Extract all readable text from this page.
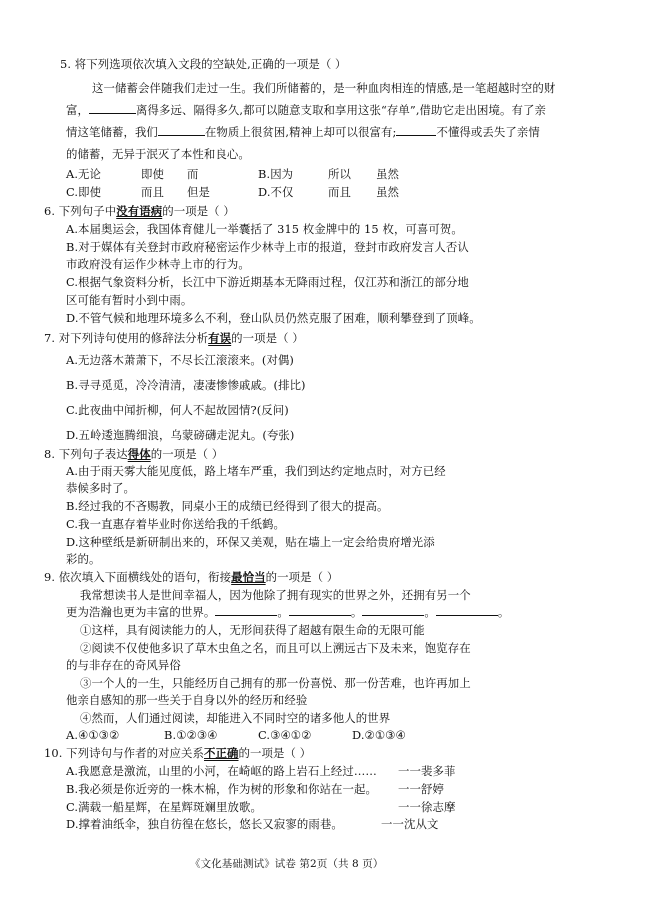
5. 将下列选项依次填入文段的空缺处,正确的一项是（ ）
这一储蓄会伴随我们走过一生。我们所储蓄的，是一种血肉相连的情感,是一笔超越时空的财
富，	离得多远、隔得多久,都可以随意支取和享用这张“存单”,借助它走出困境。有了亲
情这笔储蓄，我们	在物质上很贫困,精神上却可以很富有;	不懂得或丢失了亲情
的储蓄，无异于泯灭了本性和良心。
A.无论	即使 而	B.因为	所以 虽然
C.即使	而且 但是	D.不仅	而且 虽然
6. 下列句子中没有语病的一项是（ ）
A.本届奥运会，我国体育健儿一举囊括了 315 枚金牌中的 15 枚，可喜可贺。
B.对于媒体有关登封市政府秘密运作少林寺上市的报道，登封市政府发言人否认
市政府没有运作少林寺上市的行为。
C.根据气象资料分析，长江中下游近期基本无降雨过程，仅江苏和浙江的部分地
区可能有暂时小到中雨。
D.不管气候和地理环境多么不利，登山队员仍然克服了困难，顺利攀登到了顶峰。
7. 对下列诗句使用的修辞法分析有误的一项是（ ）
A.无边落木萧萧下，不尽长江滚滚来。(对偶)
B.寻寻觅觅，冷冷清清，凄凄惨惨戚戚。(排比)
C.此夜曲中闻折柳，何人不起故园情?(反问)
D.五岭逶迤腾细浪，乌蒙磅礴走泥丸。(夸张)
8. 下列句子表达得体的一项是（ ）
A.由于雨天雾大能见度低，路上堵车严重，我们到达约定地点时，对方已经
恭候多时了。
B.经过我的不吝赐教，同桌小王的成绩已经得到了很大的提高。
C.我一直惠存着毕业时你送给我的千纸鹤。
D.这种壁纸是新研制出来的，环保又美观，贴在墙上一定会给贵府增光添
彩的。
9. 依次填入下面横线处的语句，衔接最恰当的一项是（ ）
我常想读书人是世间幸福人，因为他除了拥有现实的世界之外，还拥有另一个
更为浩瀚也更为丰富的世界。	。	。	。	。
①这样，具有阅读能力的人，无形间获得了超越有限生命的无限可能
②阅读不仅使他多识了草木虫鱼之名，而且可以上溯远古下及未来，饱览存在
的与非存在的奇风异俗
③一个人的一生，只能经历自己拥有的那一份喜悦、那一份苦难，也许再加上
他亲自感知的那一些关于自身以外的经历和经验
④然而，人们通过阅读，却能进入不同时空的诸多他人的世界
A.④①③②	B.①②③④	C.③④①②	D.②①③④
10. 下列诗句与作者的对应关系不正确的一项是（ ）
A.我愿意是激流，山里的小河，在崎岖的路上岩石上经过…… 一一裴多菲
B.我必须是你近旁的一株木棉，作为树的形象和你站在一起。 一一舒婷
C.满载一船星辉，在星辉斑斓里放歌。	一一徐志摩
D.撑着油纸伞，独自彷徨在悠长，悠长又寂寥的雨巷。	一一沈从文
《文化基础测试》试卷 第2页（共 8 页）
